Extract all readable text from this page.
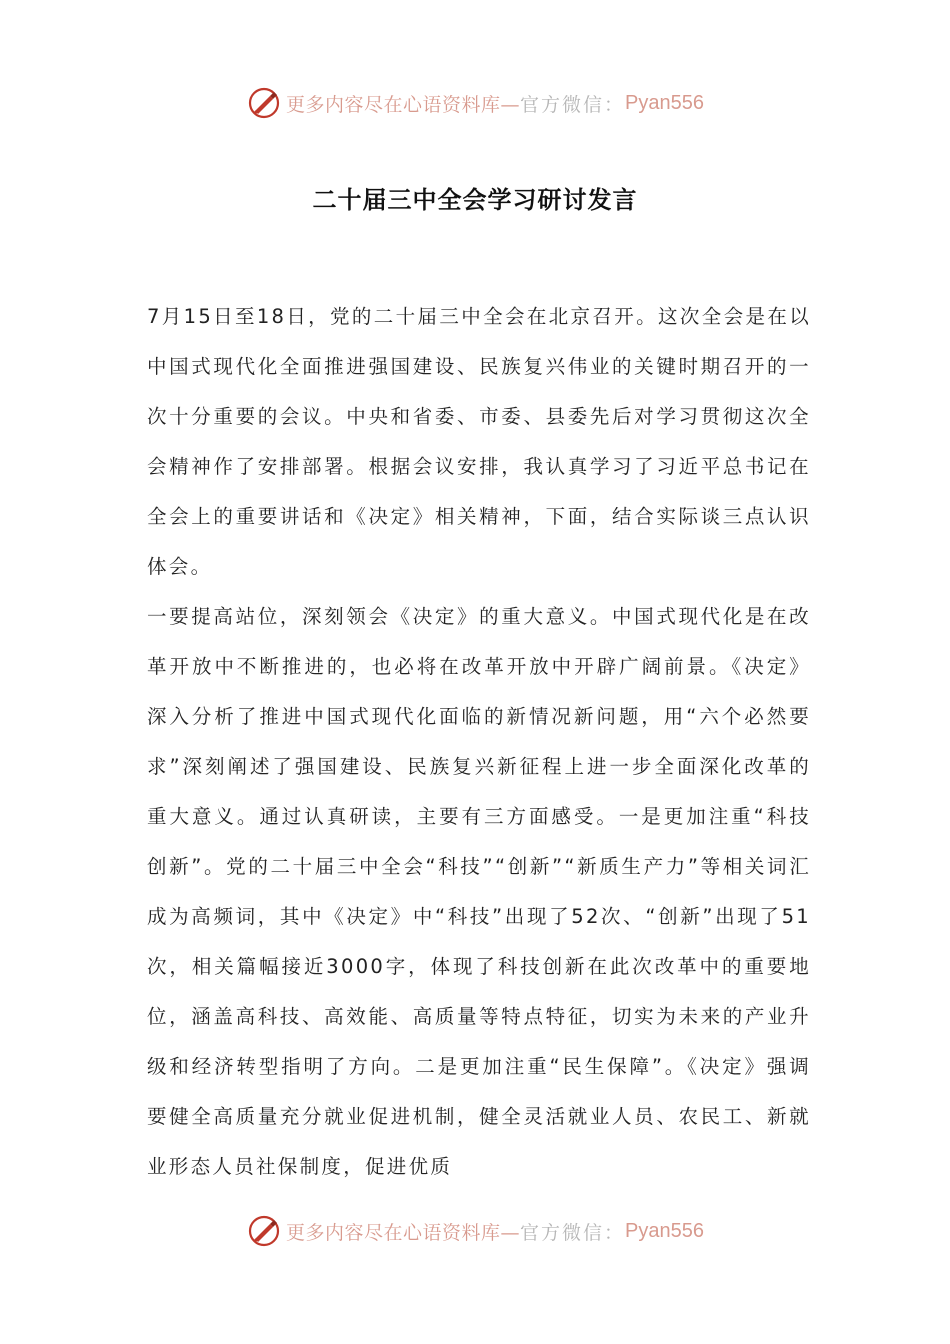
更多内容尽在心语资料库— 官方微信： Pyan556
二十届三中全会学习研讨发言

7月15日至18日，党的二十届三中全会在北京召开。这次全会是在以中国式现代化全面推进强国建设、民族复兴伟业的关键时期召开的一次十分重要的会议。中央和省委、市委、县委先后对学习贯彻这次全会精神作了安排部署。根据会议安排，我认真学习了习近平总书记在全会上的重要讲话和《决定》相关精神，下面，结合实际谈三点认识体会。

一要提高站位，深刻领会《决定》的重大意义。中国式现代化是在改革开放中不断推进的，也必将在改革开放中开辟广阔前景。《决定》深入分析了推进中国式现代化面临的新情况新问题，用“六个必然要求”深刻阐述了强国建设、民族复兴新征程上进一步全面深化改革的重大意义。通过认真研读，主要有三方面感受。一是更加注重“科技创新”。党的二十届三中全会“科技”“创新”“新质生产力”等相关词汇成为高频词，其中《决定》中“科技”出现了52次、“创新”出现了51次，相关篇幅接近3000字，体现了科技创新在此次改革中的重要地位，涵盖高科技、高效能、高质量等特点特征，切实为未来的产业升级和经济转型指明了方向。二是更加注重“民生保障”。《决定》强调要健全高质量充分就业促进机制，健全灵活就业人员、农民工、新就业形态人员社保制度，促进优质

更多内容尽在心语资料库— 官方微信： Pyan556
